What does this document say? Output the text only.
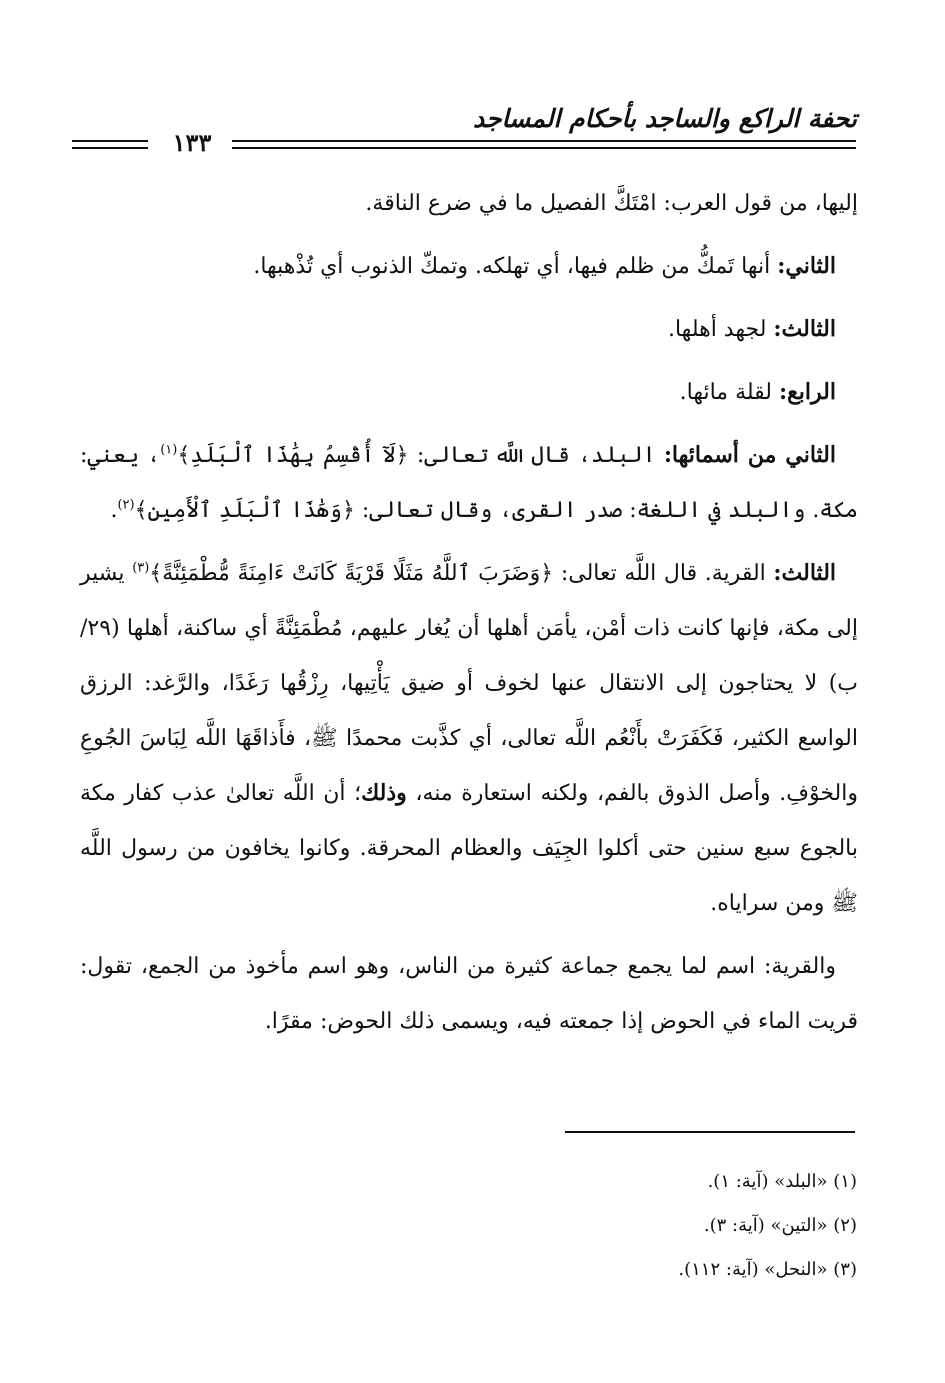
تحفة الراكع والساجد بأحكام المساجد
١٣٣

إليها، من قول العرب: امْتَكَّ الفصيل ما في ضرع الناقة.

الثاني: أنها تَمكُّ من ظلم فيها، أي تهلكه. وتمكّ الذنوب أي تُذْهبها.

الثالث: لجهد أهلها.

الرابع: لقلة مائها.

الثاني من أسمائها: البلد، قال اللَّه تعالى: ﴿لَآ أُقْسِمُ بِهَٰذَا ٱلْبَلَدِ﴾$^{(١)}$، يعني: مكة. والبلد في اللغة: صدر القرى، وقال تعالى: ﴿وَهَٰذَا ٱلْبَلَدِ ٱلْأَمِينِ﴾$^{(٢)}$.

الثالث: القرية. قال اللَّه تعالى: ﴿وَضَرَبَ ٱللَّهُ مَثَلًا قَرْيَةً كَانَتْ ءَامِنَةً مُّطْمَئِنَّةً﴾$^{(٣)}$ يشير إلى مكة، فإنها كانت ذات أمْن، يأمَن أهلها أن يُغار عليهم، مُطْمَئِنَّةً أي ساكنة، أهلها (٢٩/ب) لا يحتاجون إلى الانتقال عنها لخوف أو ضيق يَأْتِيها، رِزْقُها رَغَدًا، والرَّغد: الرزق الواسع الكثير، فَكَفَرَتْ بأَنْعُم اللَّه تعالى، أي كذَّبت محمدًا ﷺ، فأَذاقَهَا اللَّه لِبَاسَ الجُوعِ والخوْفِ. وأصل الذوق بالفم، ولكنه استعارة منه، وذلك؛ أن اللَّه تعالىٰ عذب كفار مكة بالجوع سبع سنين حتى أكلوا الجِيَف والعظام المحرقة. وكانوا يخافون من رسول اللَّه ﷺ ومن سراياه.

والقرية: اسم لما يجمع جماعة كثيرة من الناس، وهو اسم مأخوذ من الجمع، تقول: قريت الماء في الحوض إذا جمعته فيه، ويسمى ذلك الحوض: مقرًا.

(١) «البلد» (آية: ١).

(٢) «التين» (آية: ٣).

(٣) «النحل» (آية: ١١٢).
